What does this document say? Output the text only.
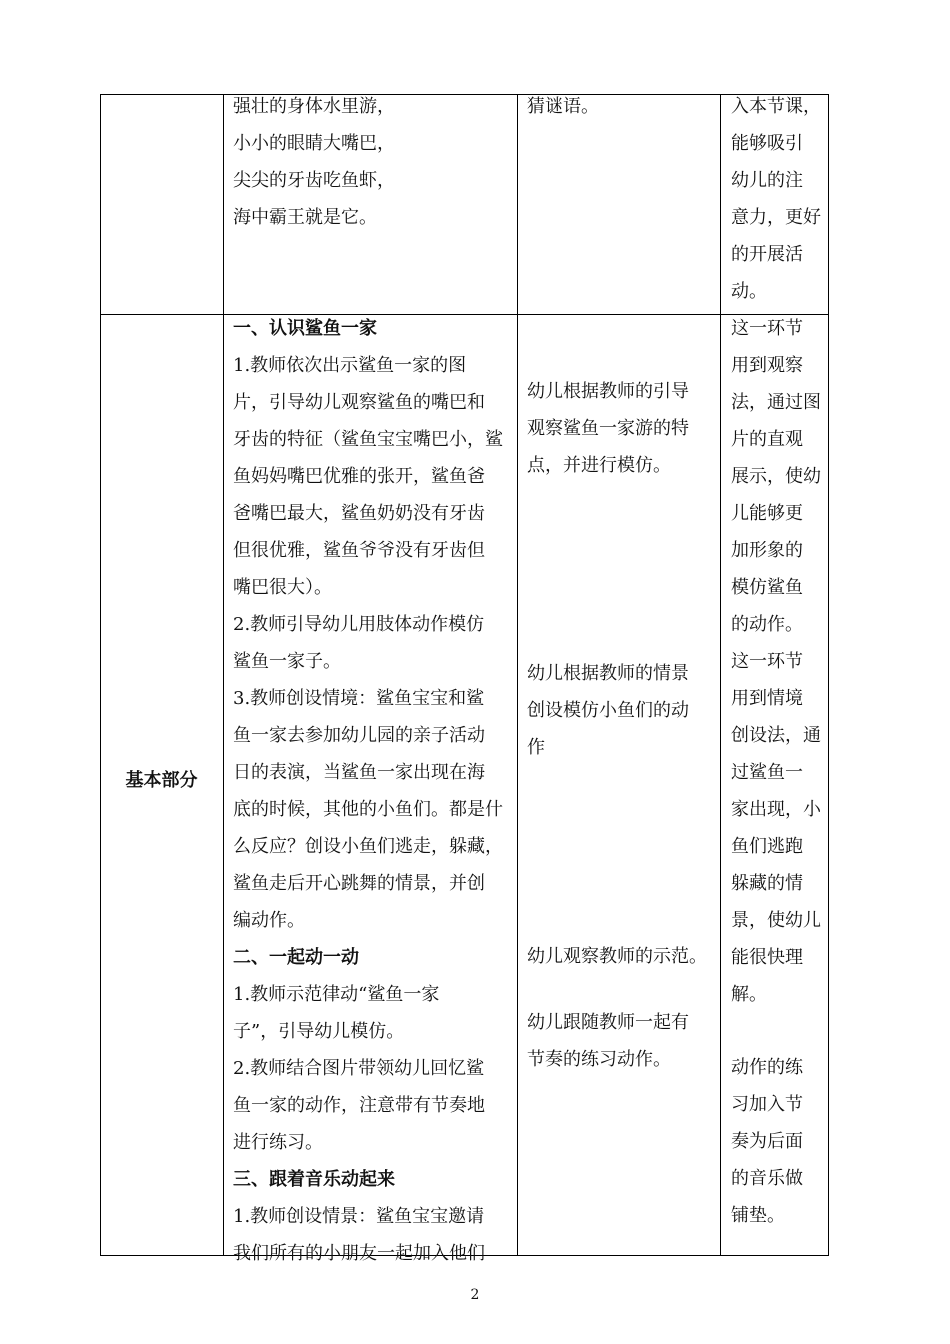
强壮的身体水里游，
小小的眼睛大嘴巴，
尖尖的牙齿吃鱼虾，
海中霸王就是它。
猜谜语。	入本节课，
能够吸引
幼儿的注
意力，更好
的开展活
动。
基本部分
一、认识鲨鱼一家
1.教师依次出示鲨鱼一家的图
片，引导幼儿观察鲨鱼的嘴巴和
牙齿的特征（鲨鱼宝宝嘴巴小，鲨
鱼妈妈嘴巴优雅的张开，鲨鱼爸
爸嘴巴最大，鲨鱼奶奶没有牙齿
但很优雅，鲨鱼爷爷没有牙齿但
嘴巴很大）。
2.教师引导幼儿用肢体动作模仿
鲨鱼一家子。
3.教师创设情境：鲨鱼宝宝和鲨
鱼一家去参加幼儿园的亲子活动
日的表演，当鲨鱼一家出现在海
底的时候，其他的小鱼们。都是什
么反应？创设小鱼们逃走，躲藏，
鲨鱼走后开心跳舞的情景，并创
编动作。
二、一起动一动
1.教师示范律动“鲨鱼一家
子”，引导幼儿模仿。
2.教师结合图片带领幼儿回忆鲨
鱼一家的动作，注意带有节奏地
进行练习。
三、跟着音乐动起来
1.教师创设情景：鲨鱼宝宝邀请
我们所有的小朋友一起加入他们
幼儿根据教师的引导
观察鲨鱼一家游的特
点，并进行模仿。
幼儿根据教师的情景
创设模仿小鱼们的动
作
幼儿观察教师的示范。
幼儿跟随教师一起有
节奏的练习动作。
这一环节
用到观察
法，通过图
片的直观
展示，使幼
儿能够更
加形象的
模仿鲨鱼
的动作。
这一环节
用到情境
创设法，通
过鲨鱼一
家出现，小
鱼们逃跑
躲藏的情
景，使幼儿
能很快理
解。
动作的练
习加入节
奏为后面
的音乐做
铺垫。
2
